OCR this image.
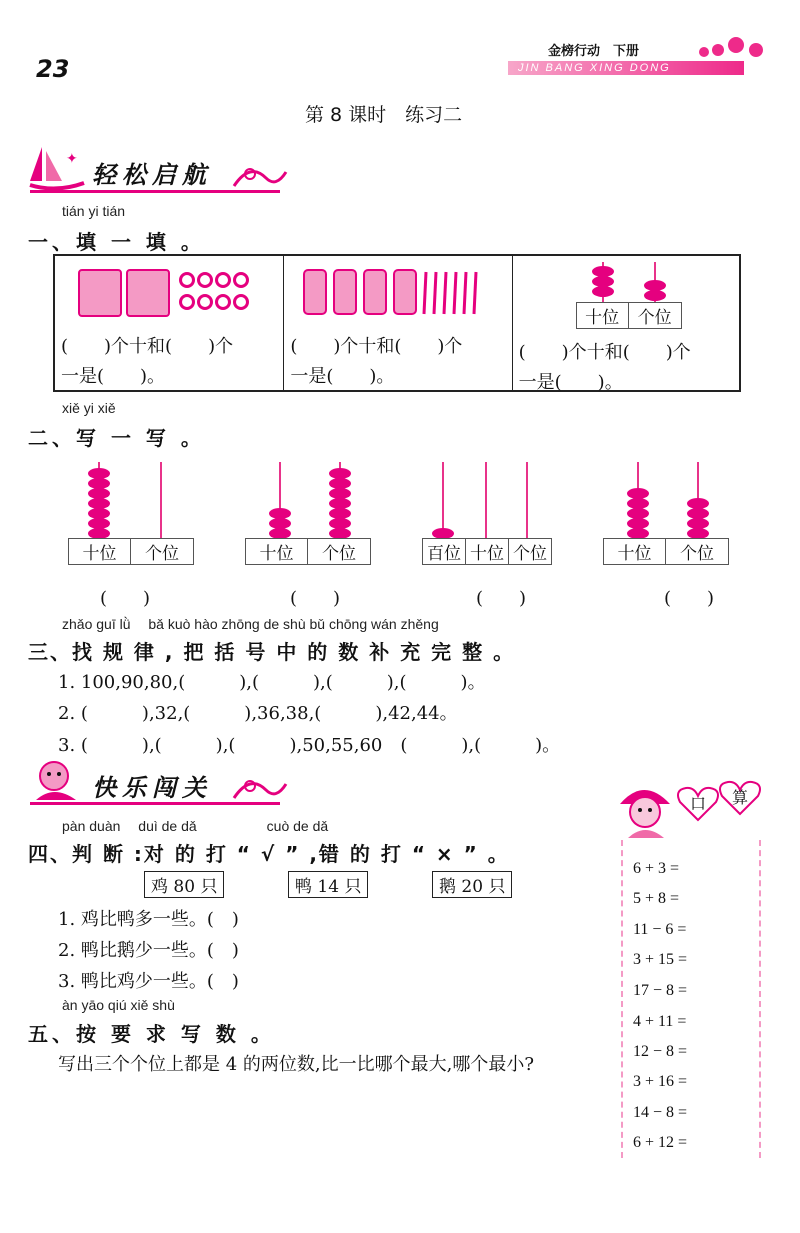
23
金榜行动　下册
JIN BANG XING DONG
第 8 课时　练习二
✦
轻松启航
tián yi tián
一、填 一 填 。
(　　)个十和(　　)个
一是(　　)。
(　　)个十和(　　)个
一是(　　)。
十位	个位
(　　)个十和(　　)个
一是(　　)。
xiě yi xiě
二、写 一 写 。
十位	个位	十位	个位	百位 十位 个位	十位	个位
(　　)	(　　)	(　　)	(　　)
zhǎo guī lǜ 　bǎ kuò hào zhōng de shù bǔ chōng wán zhěng
三、找 规 律 , 把 括 号 中 的 数 补 充 完 整 。
1. 100,90,80,(　　　),(　　　),(　　　),(　　　)。
2. (　　　),32,(　　　),36,38,(　　　),42,44。
3. (　　　),(　　　),(　　　),50,55,60　(　　　),(　　　)。
快乐闯关
pàn duàn　 duì de dǎ　　　　　cuò de dǎ
四、判 断 :对 的 打 “ √ ” ,错 的 打 “ × ” 。
鸡 80 只	鸭 14 只	鹅 20 只
1. 鸡比鸭多一些。(　)
2. 鸭比鹅少一些。(　)
3. 鸭比鸡少一些。(　)
àn yāo qiú xiě shù
五、按 要 求 写 数 。
写出三个个位上都是 4 的两位数,比一比哪个最大,哪个最小?
口 算
6 + 3 =
5 + 8 =
11 − 6 =
3 + 15 =
17 − 8 =
4 + 11 =
12 − 8 =
3 + 16 =
14 − 8 =
6 + 12 =
